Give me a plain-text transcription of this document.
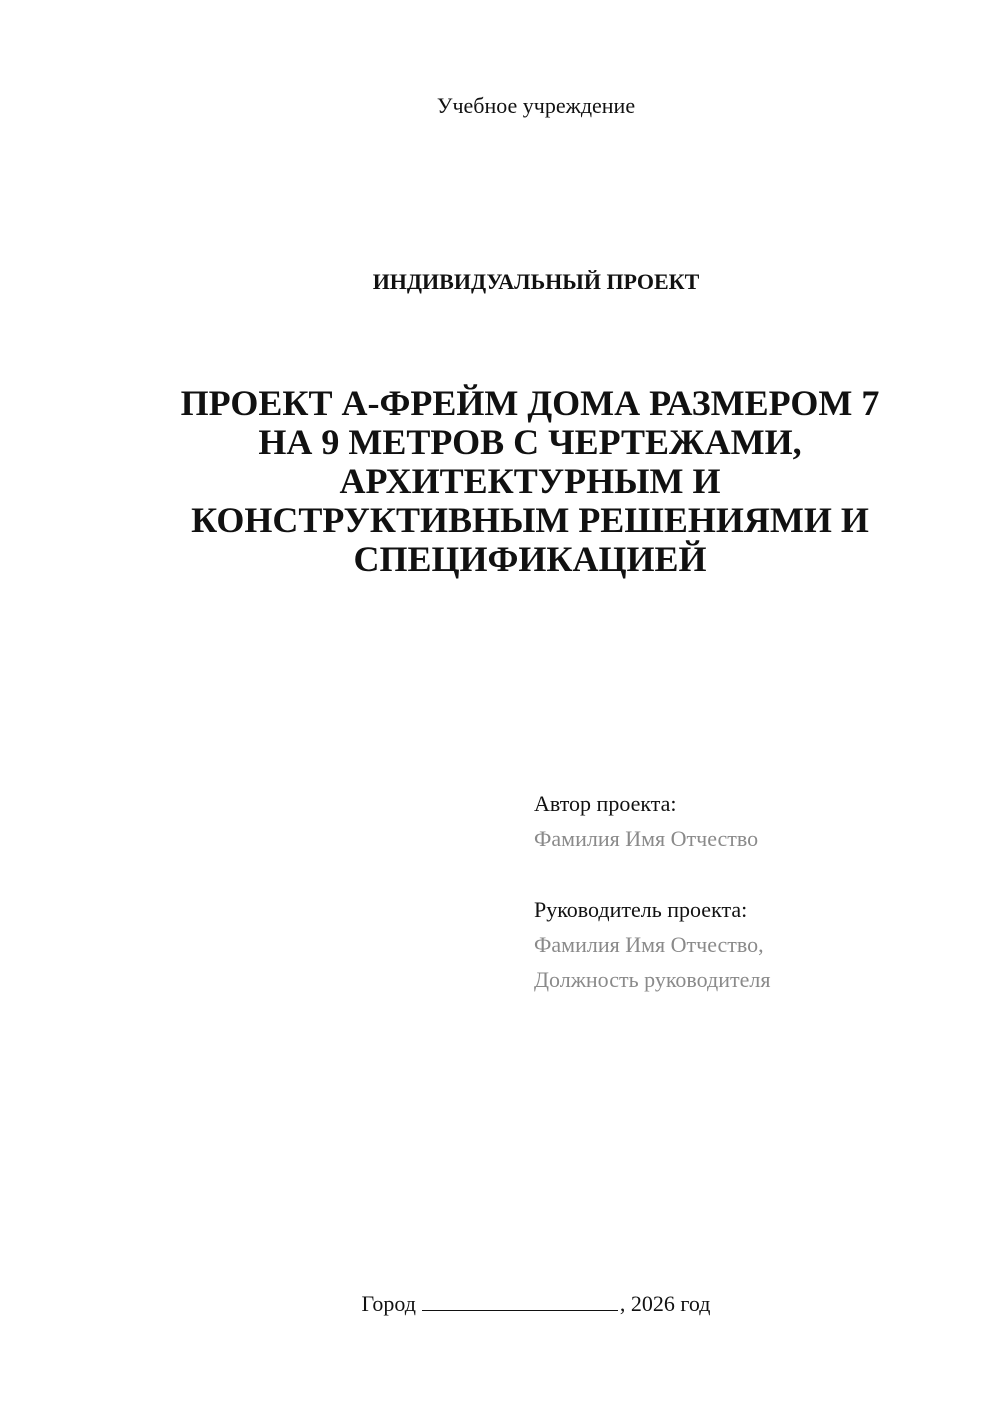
Учебное учреждение
ИНДИВИДУАЛЬНЫЙ ПРОЕКТ
ПРОЕКТ А-ФРЕЙМ ДОМА РАЗМЕРОМ 7
НА 9 МЕТРОВ С ЧЕРТЕЖАМИ,
АРХИТЕКТУРНЫМ И
КОНСТРУКТИВНЫМ РЕШЕНИЯМИ И
СПЕЦИФИКАЦИЕЙ
Автор проекта:
Фамилия Имя Отчество
Руководитель проекта:
Фамилия Имя Отчество,
Должность руководителя
Город	, 2026 год
